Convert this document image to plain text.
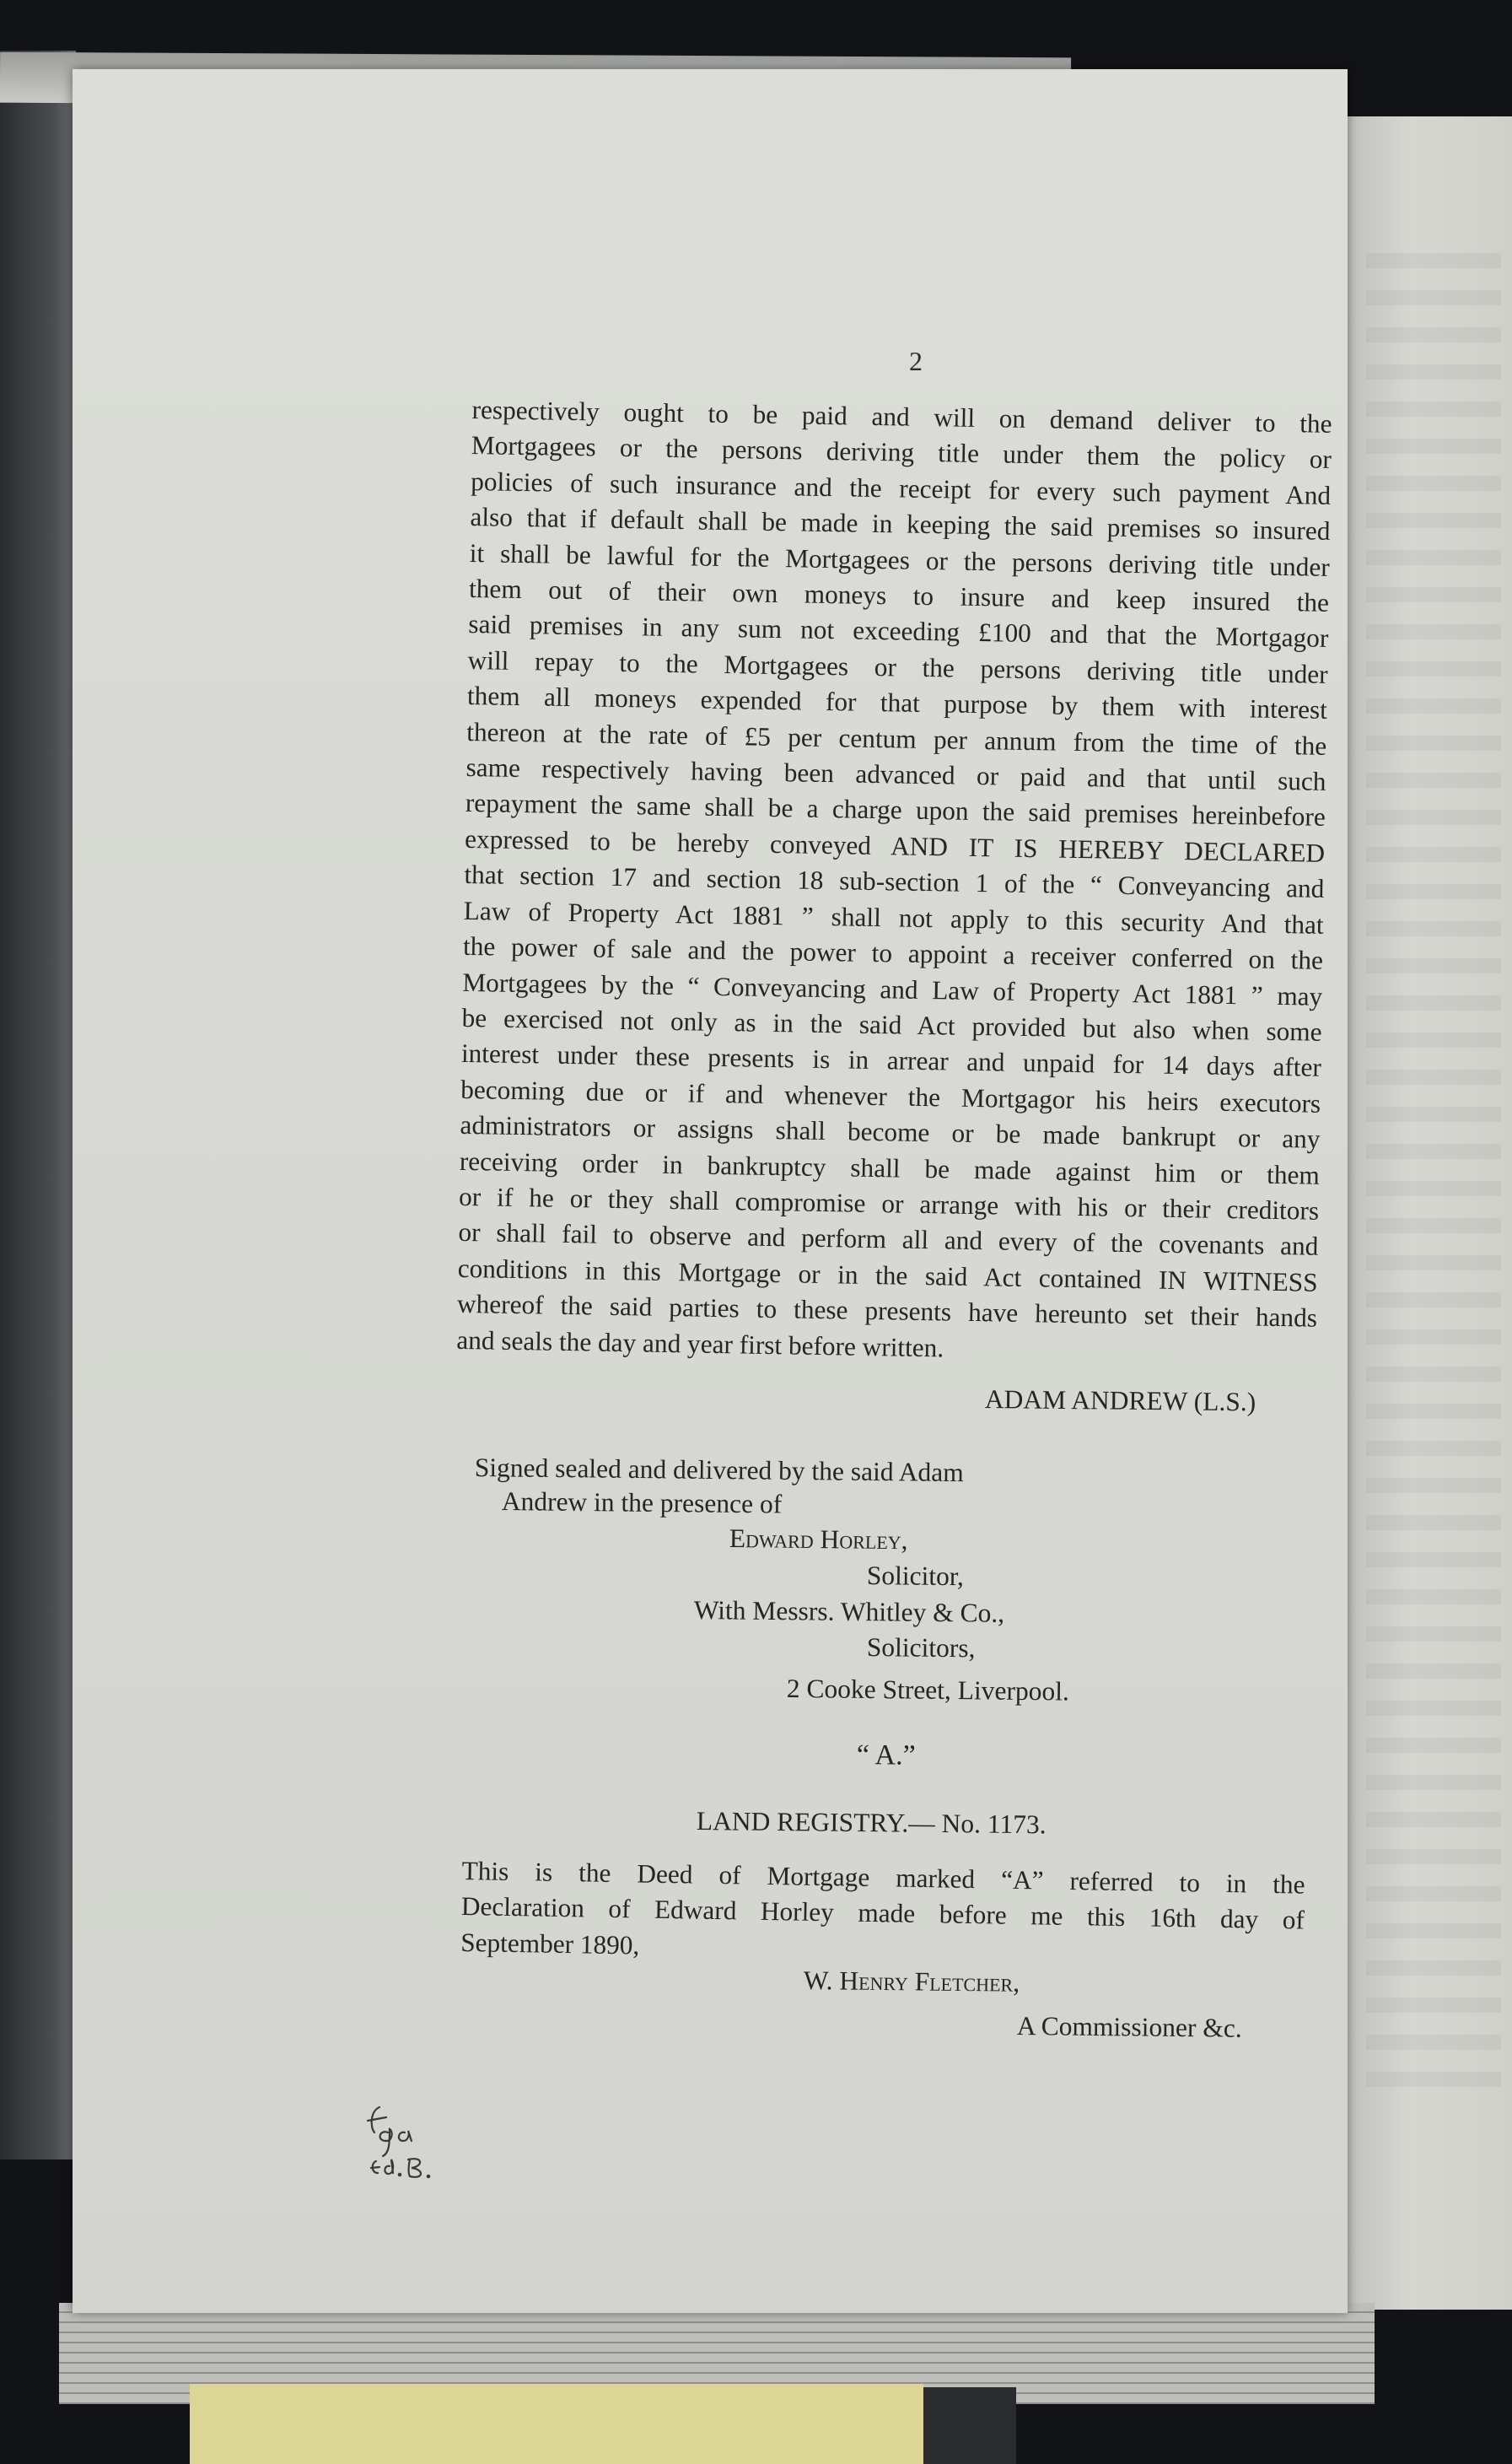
2

respectively ought to be paid and will on demand deliver to the
Mortgagees or the persons deriving title under them the policy or
policies of such insurance and the receipt for every such payment And
also that if default shall be made in keeping the said premises so insured
it shall be lawful for the Mortgagees or the persons deriving title under
them out of their own moneys to insure and keep insured the
said premises in any sum not exceeding £100 and that the Mortgagor
will repay to the Mortgagees or the persons deriving title under
them all moneys expended for that purpose by them with interest
thereon at the rate of £5 per centum per annum from the time of the
same respectively having been advanced or paid and that until such
repayment the same shall be a charge upon the said premises hereinbefore
expressed to be hereby conveyed AND IT IS HEREBY DECLARED
that section 17 and section 18 sub-section 1 of the “ Conveyancing and
Law of Property Act 1881 ” shall not apply to this security And that
the power of sale and the power to appoint a receiver conferred on the
Mortgagees by the “ Conveyancing and Law of Property Act 1881 ” may
be exercised not only as in the said Act provided but also when some
interest under these presents is in arrear and unpaid for 14 days after
becoming due or if and whenever the Mortgagor his heirs executors
administrators or assigns shall become or be made bankrupt or any
receiving order in bankruptcy shall be made against him or them
or if he or they shall compromise or arrange with his or their creditors
or shall fail to observe and perform all and every of the covenants and
conditions in this Mortgage or in the said Act contained IN WITNESS
whereof the said parties to these presents have hereunto set their hands
and seals the day and year first before written.

ADAM ANDREW (L.S.)

Signed sealed and delivered by the said Adam

Andrew in the presence of

Edward Horley,

Solicitor,

With Messrs. Whitley & Co.,

Solicitors,

2 Cooke Street, Liverpool.

“ A.”

LAND REGISTRY.— No. 1173.

This is the Deed of Mortgage marked “A” referred to in the
Declaration of Edward Horley made before me this 16th day of
September 1890,

W. Henry Fletcher,

A Commissioner &c.
